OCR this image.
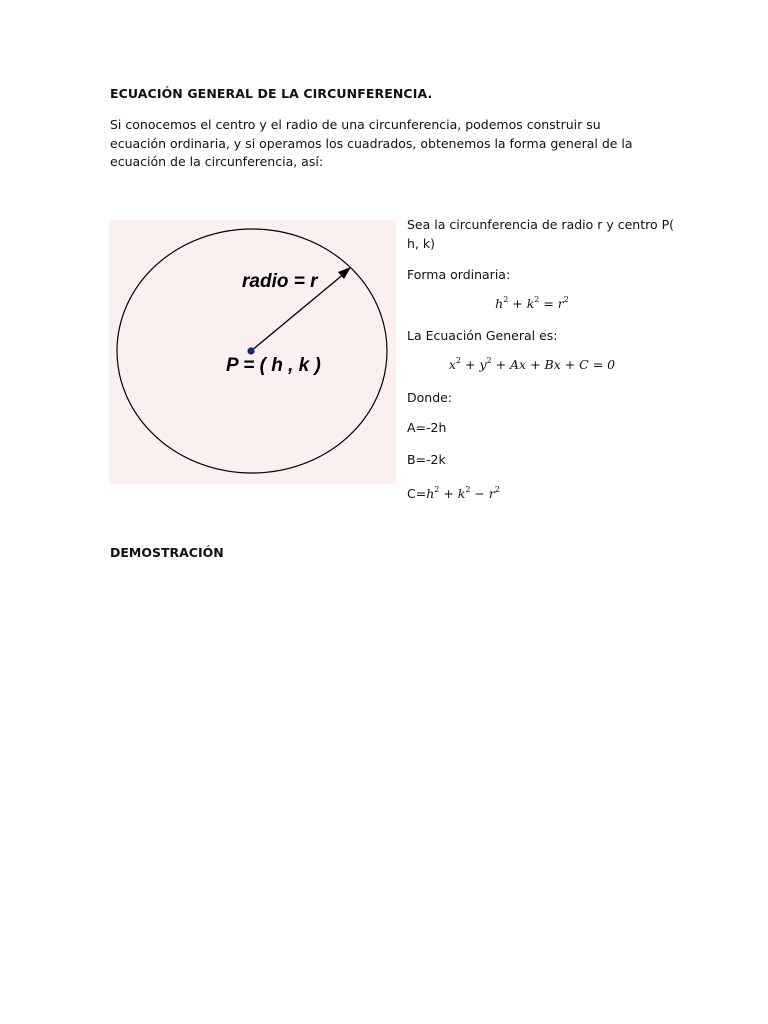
ECUACIÓN GENERAL DE LA CIRCUNFERENCIA.

Si conocemos el centro y el radio de una circunferencia, podemos construir su ecuación ordinaria, y si operamos los cuadrados, obtenemos la forma general de la ecuación de la circunferencia, así:

radio = r
P = ( h , k )
Sea la circunferencia de radio r y centro P(
h, k)
Forma ordinaria:
$h^2 + k^2 = r^2$
La Ecuación General es:
$x^2 + y^2 + Ax + Bx + C = 0$
Donde:
A=-2h
B=-2k
$C=h^2 + k^2 - r^2$
DEMOSTRACIÓN
